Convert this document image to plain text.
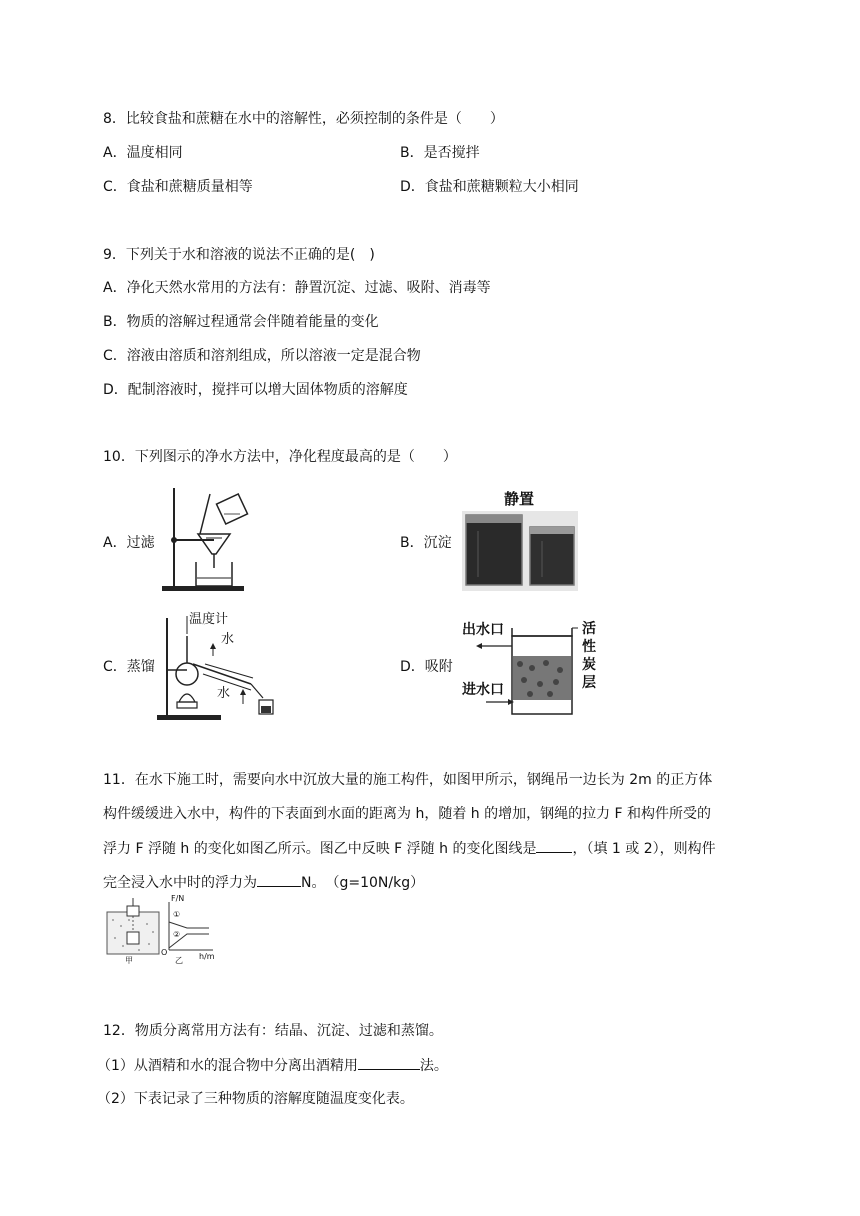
8．比较食盐和蔗糖在水中的溶解性，必须控制的条件是（　　）
A．温度相同	B．是否搅拌
C．食盐和蔗糖质量相等	D．食盐和蔗糖颗粒大小相同
9．下列关于水和溶液的说法不正确的是(　)
A．净化天然水常用的方法有：静置沉淀、过滤、吸附、消毒等
B．物质的溶解过程通常会伴随着能量的变化
C．溶液由溶质和溶剂组成，所以溶液一定是混合物
D．配制溶液时，搅拌可以增大固体物质的溶解度
10．下列图示的净水方法中，净化程度最高的是（　　）
A．过滤	B．沉淀
C．蒸馏	D．吸附
静置
温度计
水
水
出水口
进水口
活
性
炭
层
11．在水下施工时，需要向水中沉放大量的施工构件，如图甲所示，钢绳吊一边长为 2m 的正方体
构件缓缓进入水中，构件的下表面到水面的距离为 h，随着 h 的增加，钢绳的拉力 F 和构件所受的
浮力 F 浮随 h 的变化如图乙所示。图乙中反映 F 浮随 h 的变化图线是	，（填 1 或 2），则构件
完全浸入水中时的浮力为	N。　（g=10N/kg）
F/N
h/m
O
①
②
甲	乙
12．物质分离常用方法有：结晶、沉淀、过滤和蒸馏。
（1）从酒精和水的混合物中分离出酒精用	法。
（2）下表记录了三种物质的溶解度随温度变化表。
